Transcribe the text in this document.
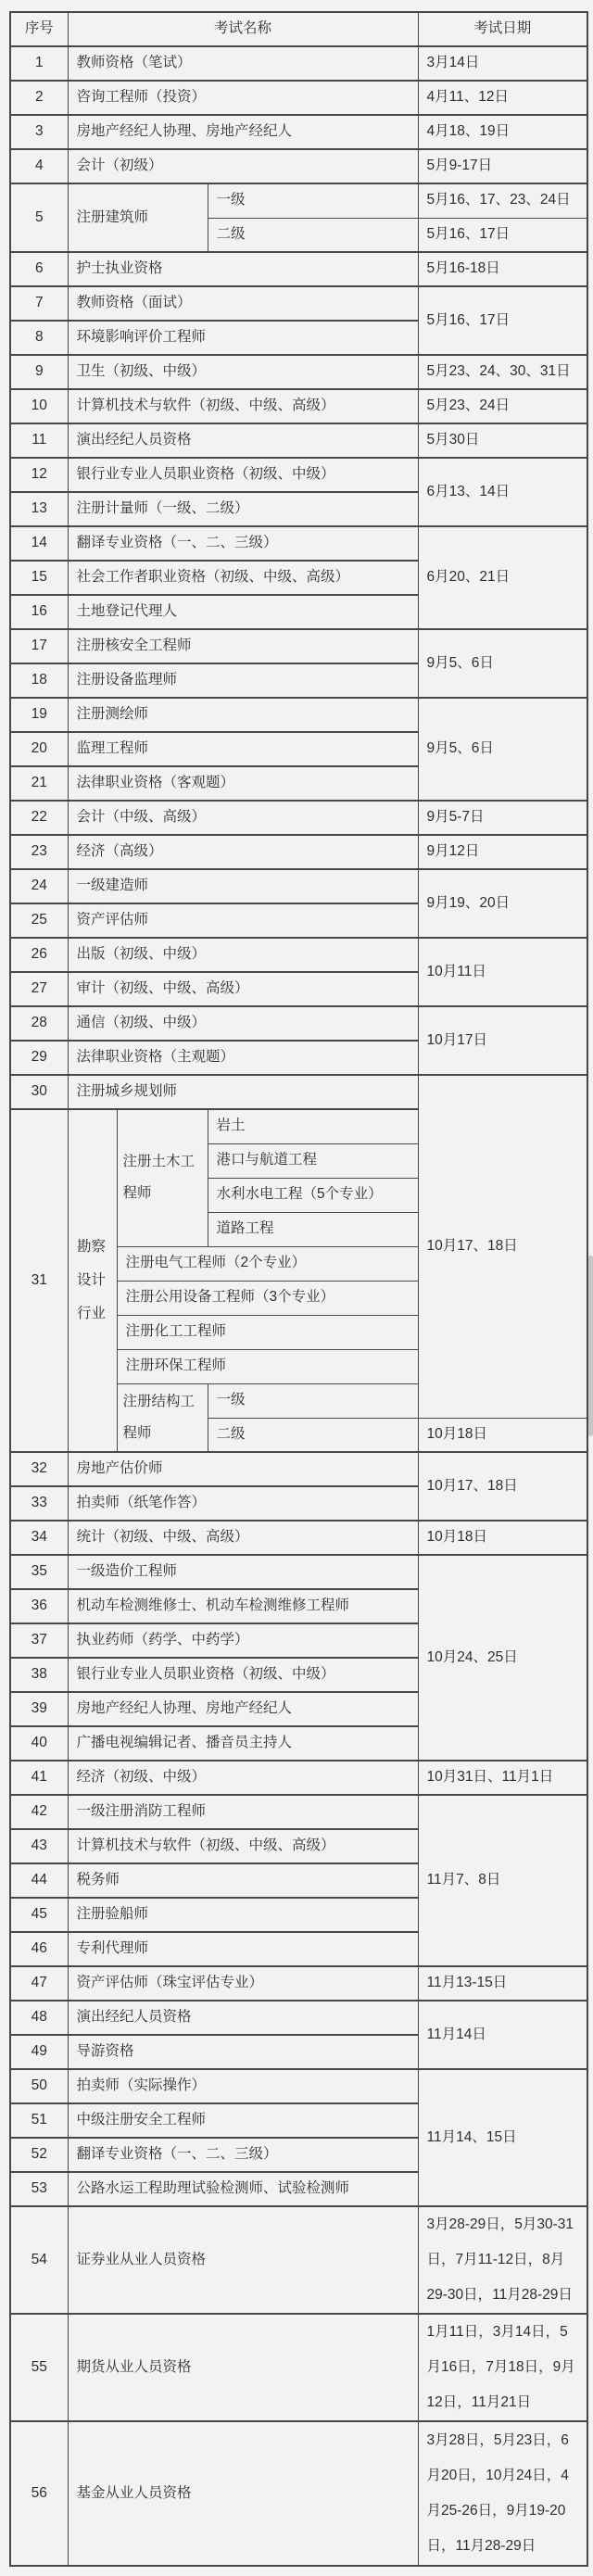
序号	考试名称			考试日期
1	教师资格（笔试）			3月14日
2	咨询工程师（投资）			4月11、12日
3	房地产经纪人协理、房地产经纪人			4月18、19日
4	会计（初级）			5月9-17日
5	注册建筑师		一级	5月16、17、23、24日
			二级	5月16、17日
6	护士执业资格			5月16-18日
7	教师资格（面试）			5月16、17日
8	环境影响评价工程师			
9	卫生（初级、中级）			5月23、24、30、31日
10	计算机技术与软件（初级、中级、高级）			5月23、24日
11	演出经纪人员资格			5月30日
12	银行业专业人员职业资格（初级、中级）			6月13、14日
13	注册计量师（一级、二级）			
14	翻译专业资格（一、二、三级）			6月20、21日
15	社会工作者职业资格（初级、中级、高级）			
16	土地登记代理人			
17	注册核安全工程师			9月5、6日
18	注册设备监理师			
19	注册测绘师			9月5、6日
20	监理工程师			
21	法律职业资格（客观题）			
22	会计（中级、高级）			9月5-7日
23	经济（高级）			9月12日
24	一级建造师			9月19、20日
25	资产评估师			
26	出版（初级、中级）			10月11日
27	审计（初级、中级、高级）			
28	通信（初级、中级）			10月17日
29	法律职业资格（主观题）			
30	注册城乡规划师			10月17、18日
31	勘察设计行业	注册土木工程师	岩土	
			港口与航道工程	
			水利水电工程（5个专业）	
			道路工程	
		注册电气工程师（2个专业）		
		注册公用设备工程师（3个专业）		
		注册化工工程师		
		注册环保工程师		
		注册结构工程师	一级	
			二级	10月18日
32	房地产估价师			10月17、18日
33	拍卖师（纸笔作答）			
34	统计（初级、中级、高级）			10月18日
35	一级造价工程师			10月24、25日
36	机动车检测维修士、机动车检测维修工程师			
37	执业药师（药学、中药学）			
38	银行业专业人员职业资格（初级、中级）			
39	房地产经纪人协理、房地产经纪人			
40	广播电视编辑记者、播音员主持人			
41	经济（初级、中级）			10月31日、11月1日
42	一级注册消防工程师			11月7、8日
43	计算机技术与软件（初级、中级、高级）			
44	税务师			
45	注册验船师			
46	专利代理师			
47	资产评估师（珠宝评估专业）			11月13-15日
48	演出经纪人员资格			11月14日
49	导游资格			
50	拍卖师（实际操作）			11月14、15日
51	中级注册安全工程师			
52	翻译专业资格（一、二、三级）			
53	公路水运工程助理试验检测师、试验检测师			
54	证券业从业人员资格			3月28-29日，5月30-31日，7月11-12日，8月29-30日，11月28-29日
55	期货从业人员资格			1月11日，3月14日，5月16日，7月18日，9月12日，11月21日
56	基金从业人员资格			3月28日，5月23日，6月20日，10月24日，4月25-26日，9月19-20日，11月28-29日
